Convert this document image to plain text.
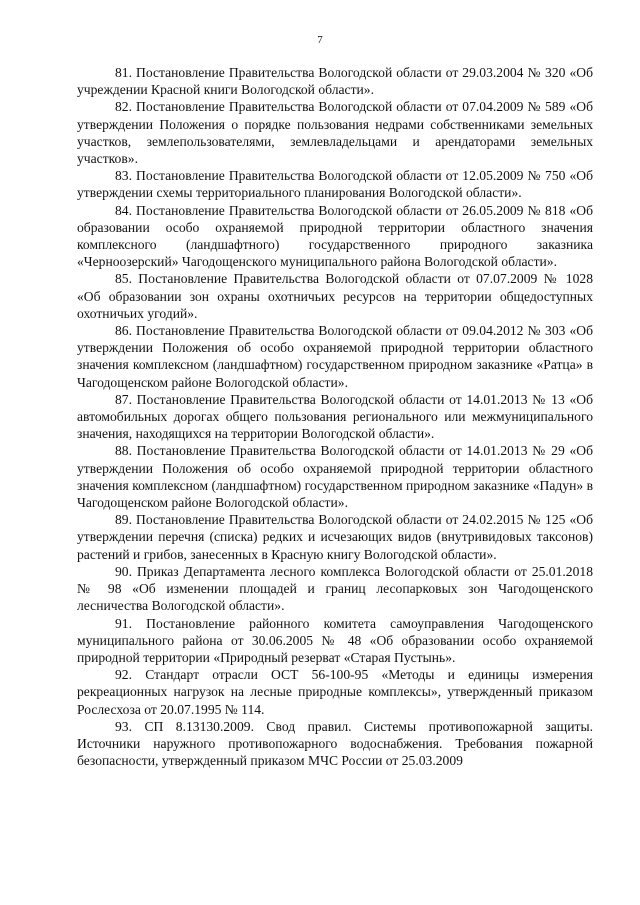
7

81. Постановление Правительства Вологодской области от 29.03.2004 № 320 «Об учреждении Красной книги Вологодской области».

82. Постановление Правительства Вологодской области от 07.04.2009 № 589 «Об утверждении Положения о порядке пользования недрами собственниками земельных участков, землепользователями, землевладельцами и арендаторами земельных участков».

83. Постановление Правительства Вологодской области от 12.05.2009 № 750 «Об утверждении схемы территориального планирования Вологодской области».

84. Постановление Правительства Вологодской области от 26.05.2009 № 818 «Об образовании особо охраняемой природной территории областного значения комплексного (ландшафтного) государственного природного заказника «Черноозерский» Чагодощенского муниципального района Вологодской области».

85. Постановление Правительства Вологодской области от 07.07.2009 № 1028 «Об образовании зон охраны охотничьих ресурсов на территории общедоступных охотничьих угодий».

86. Постановление Правительства Вологодской области от 09.04.2012 № 303 «Об утверждении Положения об особо охраняемой природной территории областного значения комплексном (ландшафтном) государственном природном заказнике «Ратца» в Чагодощенском районе Вологодской области».

87. Постановление Правительства Вологодской области от 14.01.2013 № 13 «Об автомобильных дорогах общего пользования регионального или межмуниципального значения, находящихся на территории Вологодской области».

88. Постановление Правительства Вологодской области от 14.01.2013 № 29 «Об утверждении Положения об особо охраняемой природной территории областного значения комплексном (ландшафтном) государственном природном заказнике «Падун» в Чагодощенском районе Вологодской области».

89. Постановление Правительства Вологодской области от 24.02.2015 № 125 «Об утверждении перечня (списка) редких и исчезающих видов (внутривидовых таксонов) растений и грибов, занесенных в Красную книгу Вологодской области».

90. Приказ Департамента лесного комплекса Вологодской области от 25.01.2018 № 98 «Об изменении площадей и границ лесопарковых зон Чагодощенского лесничества Вологодской области».

91. Постановление районного комитета самоуправления Чагодощенского муниципального района от 30.06.2005 № 48 «Об образовании особо охраняемой природной территории «Природный резерват «Старая Пустынь».

92. Стандарт отрасли ОСТ 56-100-95 «Методы и единицы измерения рекреационных нагрузок на лесные природные комплексы», утвержденный приказом Рослесхоза от 20.07.1995 № 114.

93. СП 8.13130.2009. Свод правил. Системы противопожарной защиты. Источники наружного противопожарного водоснабжения. Требования пожарной безопасности, утвержденный приказом МЧС России от 25.03.2009
